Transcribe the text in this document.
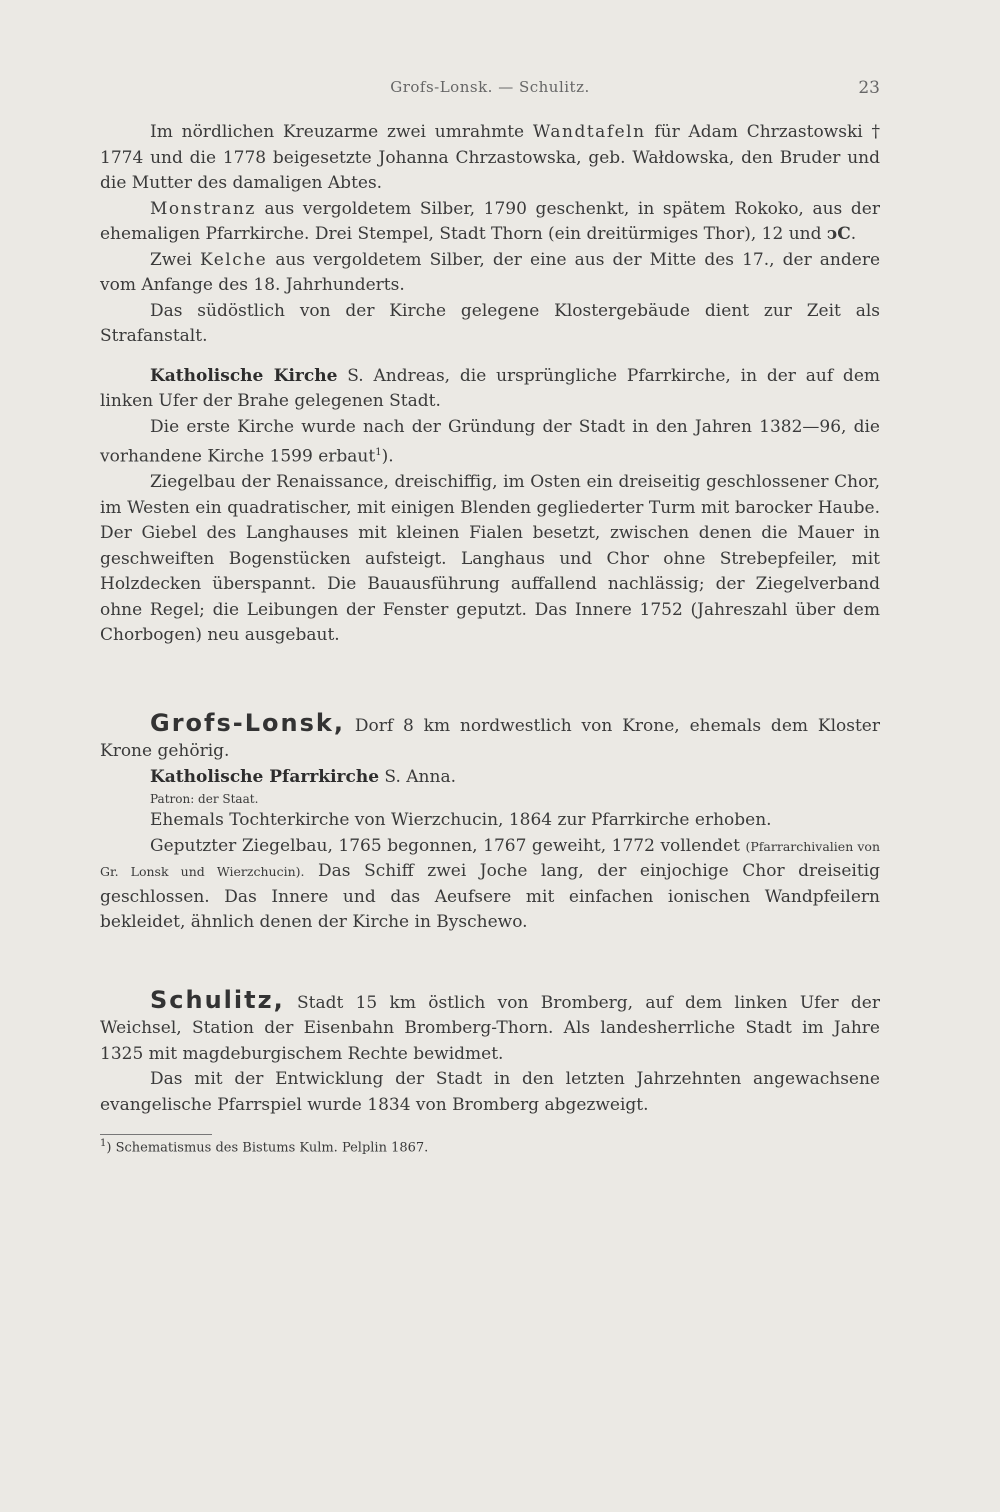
Grofs-Lonsk. — Schulitz.	23

Im nördlichen Kreuzarme zwei umrahmte Wandtafeln für Adam Chrzastowski † 1774 und die 1778 beigesetzte Johanna Chrzastowska, geb. Wałdowska, den Bruder und die Mutter des damaligen Abtes.

Monstranz aus vergoldetem Silber, 1790 geschenkt, in spätem Rokoko, aus der ehemaligen Pfarrkirche. Drei Stempel, Stadt Thorn (ein dreitürmiges Thor), 12 und ↄC.

Zwei Kelche aus vergoldetem Silber, der eine aus der Mitte des 17., der andere vom Anfange des 18. Jahrhunderts.

Das südöstlich von der Kirche gelegene Klostergebäude dient zur Zeit als Strafanstalt.

Katholische Kirche S. Andreas, die ursprüngliche Pfarrkirche, in der auf dem linken Ufer der Brahe gelegenen Stadt.

Die erste Kirche wurde nach der Gründung der Stadt in den Jahren 1382—96, die vorhandene Kirche 1599 erbaut$^1$).

Ziegelbau der Renaissance, dreischiffig, im Osten ein dreiseitig geschlossener Chor, im Westen ein quadratischer, mit einigen Blenden gegliederter Turm mit barocker Haube. Der Giebel des Langhauses mit kleinen Fialen besetzt, zwischen denen die Mauer in geschweiften Bogenstücken aufsteigt. Langhaus und Chor ohne Strebepfeiler, mit Holzdecken überspannt. Die Bauausführung auffallend nachlässig; der Ziegelverband ohne Regel; die Leibungen der Fenster geputzt. Das Innere 1752 (Jahreszahl über dem Chorbogen) neu ausgebaut.

Grofs-Lonsk, Dorf 8 km nordwestlich von Krone, ehemals dem Kloster Krone gehörig.

Katholische Pfarrkirche S. Anna.

Patron: der Staat.

Ehemals Tochterkirche von Wierzchucin, 1864 zur Pfarrkirche erhoben.

Geputzter Ziegelbau, 1765 begonnen, 1767 geweiht, 1772 vollendet (Pfarrarchivalien von Gr. Lonsk und Wierzchucin). Das Schiff zwei Joche lang, der einjochige Chor dreiseitig geschlossen. Das Innere und das Aeufsere mit einfachen ionischen Wandpfeilern bekleidet, ähnlich denen der Kirche in Byschewo.

Schulitz, Stadt 15 km östlich von Bromberg, auf dem linken Ufer der Weichsel, Station der Eisenbahn Bromberg-Thorn. Als landesherrliche Stadt im Jahre 1325 mit magdeburgischem Rechte bewidmet.

Das mit der Entwicklung der Stadt in den letzten Jahrzehnten angewachsene evangelische Pfarrspiel wurde 1834 von Bromberg abgezweigt.

$^1$) Schematismus des Bistums Kulm. Pelplin 1867.
